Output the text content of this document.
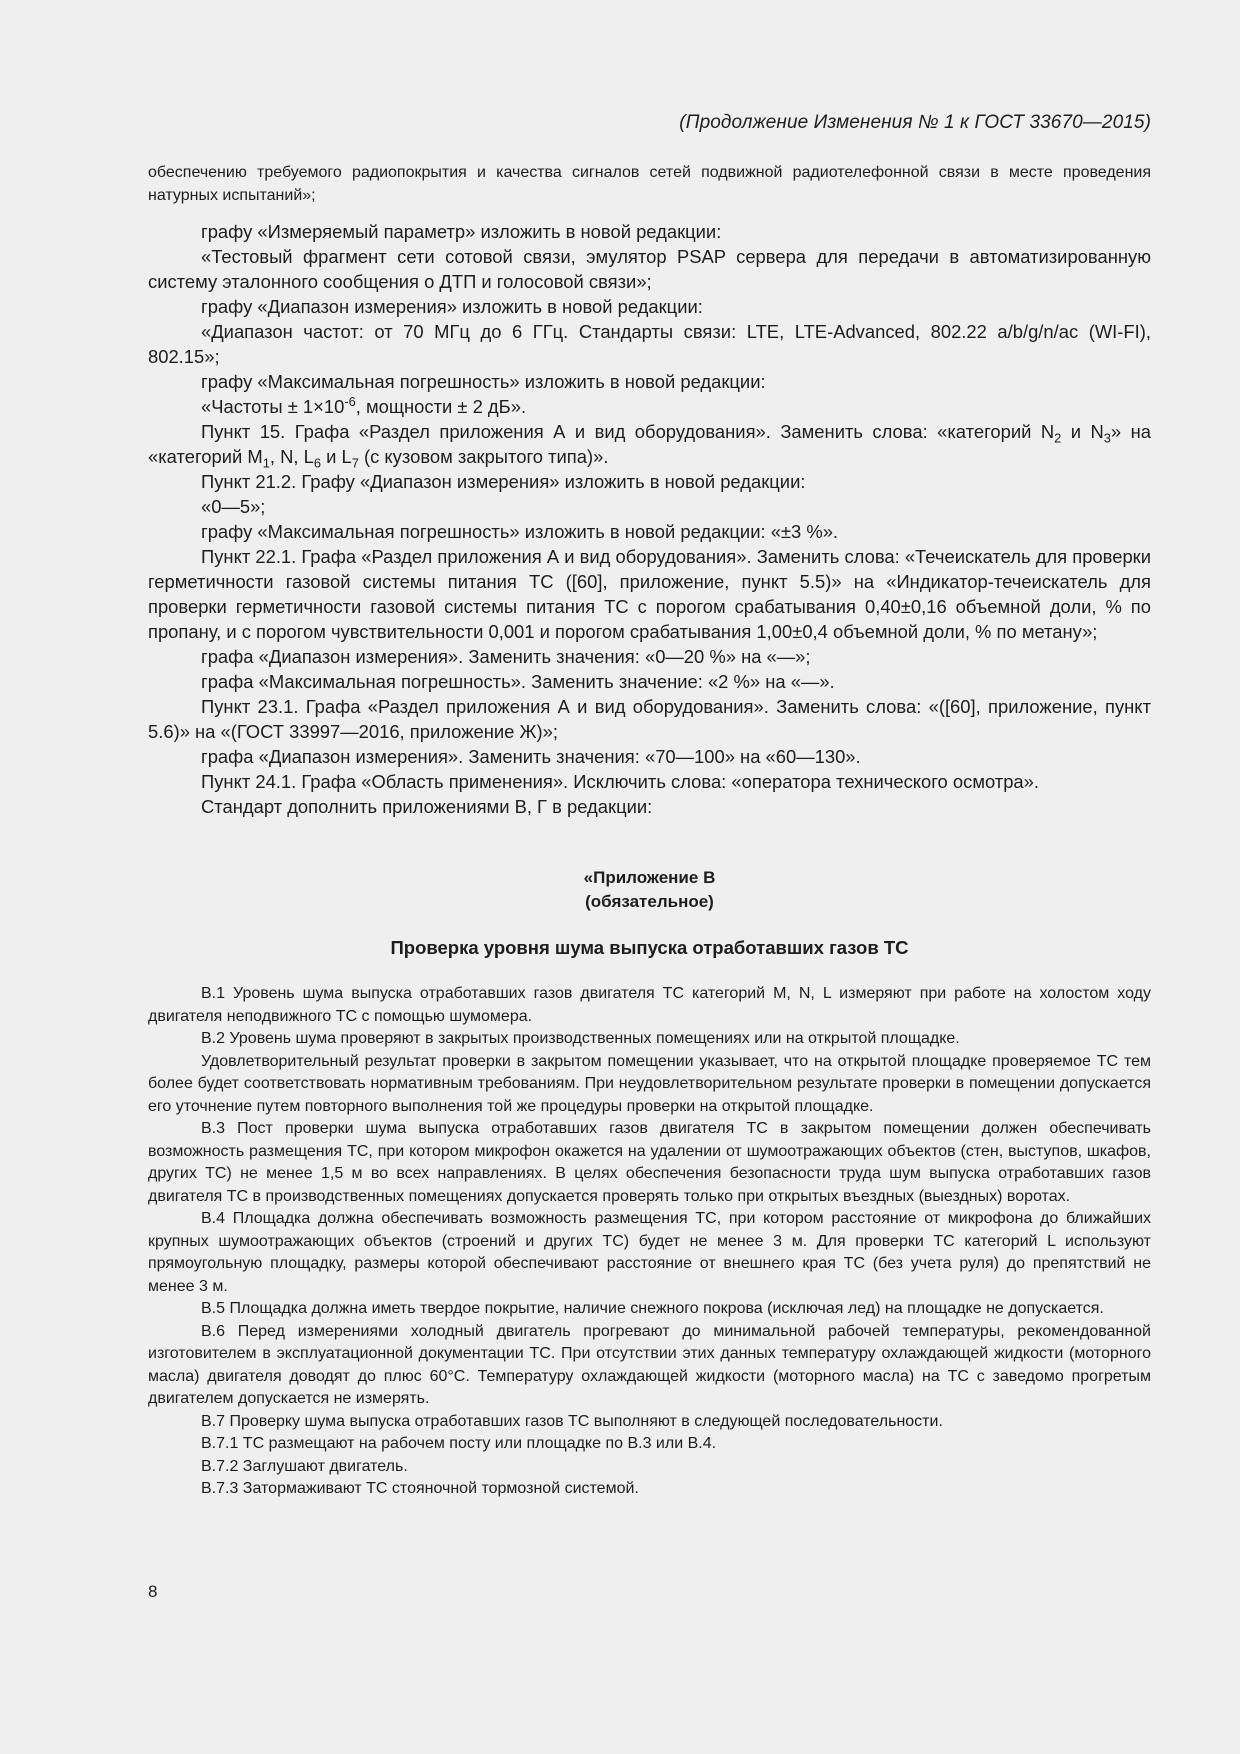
(Продолжение Изменения № 1 к ГОСТ 33670—2015)

обеспечению требуемого радиопокрытия и качества сигналов сетей подвижной радиотелефонной связи в месте проведения натурных испытаний»;

графу «Измеряемый параметр» изложить в новой редакции:

«Тестовый фрагмент сети сотовой связи, эмулятор PSAP сервера для передачи в автоматизированную систему эталонного сообщения о ДТП и голосовой связи»;

графу «Диапазон измерения» изложить в новой редакции:

«Диапазон частот: от 70 МГц до 6 ГГц. Стандарты связи: LTE, LTE-Advanced, 802.22 a/b/g/n/ac (WI-FI), 802.15»;

графу «Максимальная погрешность» изложить в новой редакции:

«Частоты ± $1\times 10^{-6}$, мощности ± 2 дБ».

Пункт 15. Графа «Раздел приложения А и вид оборудования». Заменить слова: «категорий $N_2$ и $N_3$» на «категорий $M_1$, N, $L_6$ и $L_7$ (с кузовом закрытого типа)».

Пункт 21.2. Графу «Диапазон измерения» изложить в новой редакции:

«0—5»;

графу «Максимальная погрешность» изложить в новой редакции: «±3 %».

Пункт 22.1. Графа «Раздел приложения А и вид оборудования». Заменить слова: «Течеискатель для проверки герметичности газовой системы питания ТС ([60], приложение, пункт 5.5)» на «Индикатор-течеискатель для проверки герметичности газовой системы питания ТС с порогом срабатывания 0,40±0,16 объемной доли, % по пропану, и с порогом чувствительности 0,001 и порогом срабатывания 1,00±0,4 объемной доли, % по метану»;

графа «Диапазон измерения». Заменить значения: «0—20 %» на «—»;

графа «Максимальная погрешность». Заменить значение: «2 %» на «—».

Пункт 23.1. Графа «Раздел приложения А и вид оборудования». Заменить слова: «([60], приложение, пункт 5.6)» на «(ГОСТ 33997—2016, приложение Ж)»;

графа «Диапазон измерения». Заменить значения: «70—100» на «60—130».

Пункт 24.1. Графа «Область применения». Исключить слова: «оператора технического осмотра».

Стандарт дополнить приложениями В, Г в редакции:

«Приложение В

(обязательное)

Проверка уровня шума выпуска отработавших газов ТС

В.1 Уровень шума выпуска отработавших газов двигателя ТС категорий M, N, L измеряют при работе на холостом ходу двигателя неподвижного ТС с помощью шумомера.

В.2 Уровень шума проверяют в закрытых производственных помещениях или на открытой площадке.

Удовлетворительный результат проверки в закрытом помещении указывает, что на открытой площадке проверяемое ТС тем более будет соответствовать нормативным требованиям. При неудовлетворительном результате проверки в помещении допускается его уточнение путем повторного выполнения той же процедуры проверки на открытой площадке.

В.3 Пост проверки шума выпуска отработавших газов двигателя ТС в закрытом помещении должен обеспечивать возможность размещения ТС, при котором микрофон окажется на удалении от шумоотражающих объектов (стен, выступов, шкафов, других ТС) не менее 1,5 м во всех направлениях. В целях обеспечения безопасности труда шум выпуска отработавших газов двигателя ТС в производственных помещениях допускается проверять только при открытых въездных (выездных) воротах.

В.4 Площадка должна обеспечивать возможность размещения ТС, при котором расстояние от микрофона до ближайших крупных шумоотражающих объектов (строений и других ТС) будет не менее 3 м. Для проверки ТС категорий L используют прямоугольную площадку, размеры которой обеспечивают расстояние от внешнего края ТС (без учета руля) до препятствий не менее 3 м.

В.5 Площадка должна иметь твердое покрытие, наличие снежного покрова (исключая лед) на площадке не допускается.

В.6 Перед измерениями холодный двигатель прогревают до минимальной рабочей температуры, рекомендованной изготовителем в эксплуатационной документации ТС. При отсутствии этих данных температуру охлаждающей жидкости (моторного масла) двигателя доводят до плюс 60°С. Температуру охлаждающей жидкости (моторного масла) на ТС с заведомо прогретым двигателем допускается не измерять.

В.7 Проверку шума выпуска отработавших газов ТС выполняют в следующей последовательности.

В.7.1 ТС размещают на рабочем посту или площадке по В.3 или В.4.

В.7.2 Заглушают двигатель.

В.7.3 Затормаживают ТС стояночной тормозной системой.

8
